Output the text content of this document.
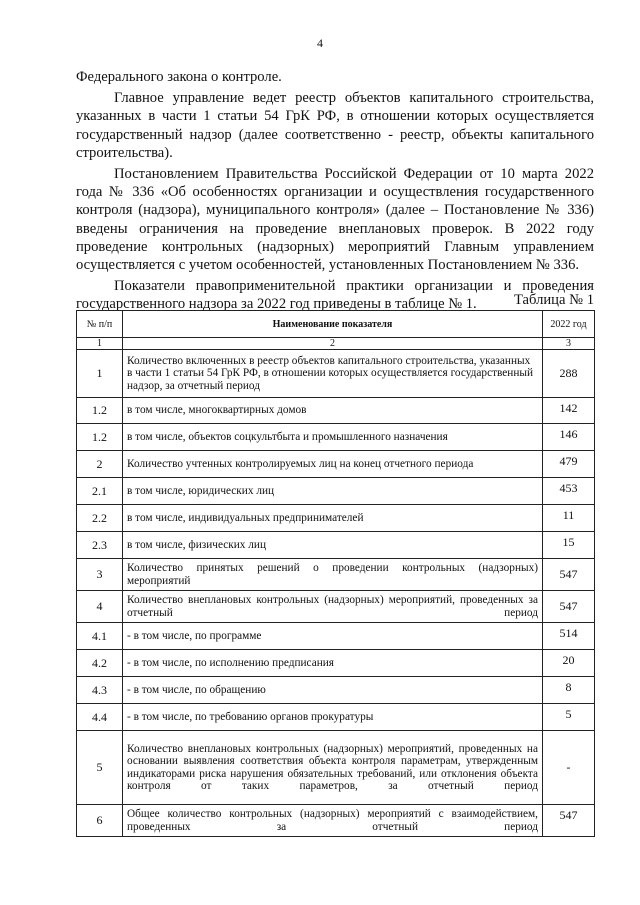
4

Федерального закона о контроле.

Главное управление ведет реестр объектов капитального строительства, указанных в части 1 статьи 54 ГрК РФ, в отношении которых осуществляется государственный надзор (далее соответственно - реестр, объекты капитального строительства).

Постановлением Правительства Российской Федерации от 10 марта 2022 года № 336 «Об особенностях организации и осуществления государственного контроля (надзора), муниципального контроля» (далее – Постановление № 336) введены ограничения на проведение внеплановых проверок. В 2022 году проведение контрольных (надзорных) мероприятий Главным управлением осуществляется с учетом особенностей, установленных Постановлением № 336.

Показатели правоприменительной практики организации и проведения государственного надзора за 2022 год приведены в таблице № 1.	Таблица № 1
№ п/п	Наименование показателя	2022 год
1	2	3
1	Количество включенных в реестр объектов капитального строительства, указанных в части 1 статьи 54 ГрК РФ, в отношении которых осуществляется государственный надзор, за отчетный период	288
1.2	в том числе, многоквартирных домов	142
1.2	в том числе, объектов соцкультбыта и промышленного назначения	146
2	Количество учтенных контролируемых лиц на конец отчетного периода	479
2.1	в том числе, юридических лиц	453
2.2	в том числе, индивидуальных предпринимателей	11
2.3	в том числе, физических лиц	15
3	Количество принятых решений о проведении контрольных (надзорных) мероприятий	547
4	Количество внеплановых контрольных (надзорных) мероприятий, проведенных за отчетный период	547
4.1	- в том числе, по программе	514
4.2	- в том числе, по исполнению предписания	20
4.3	- в том числе, по обращению	8
4.4	- в том числе, по требованию органов прокуратуры	5
5	Количество внеплановых контрольных (надзорных) мероприятий, проведенных на основании выявления соответствия объекта контроля параметрам, утвержденным индикаторами риска нарушения обязательных требований, или отклонения объекта контроля от таких параметров, за отчетный период	-
6	Общее количество контрольных (надзорных) мероприятий с взаимодействием, проведенных за отчетный период	547
